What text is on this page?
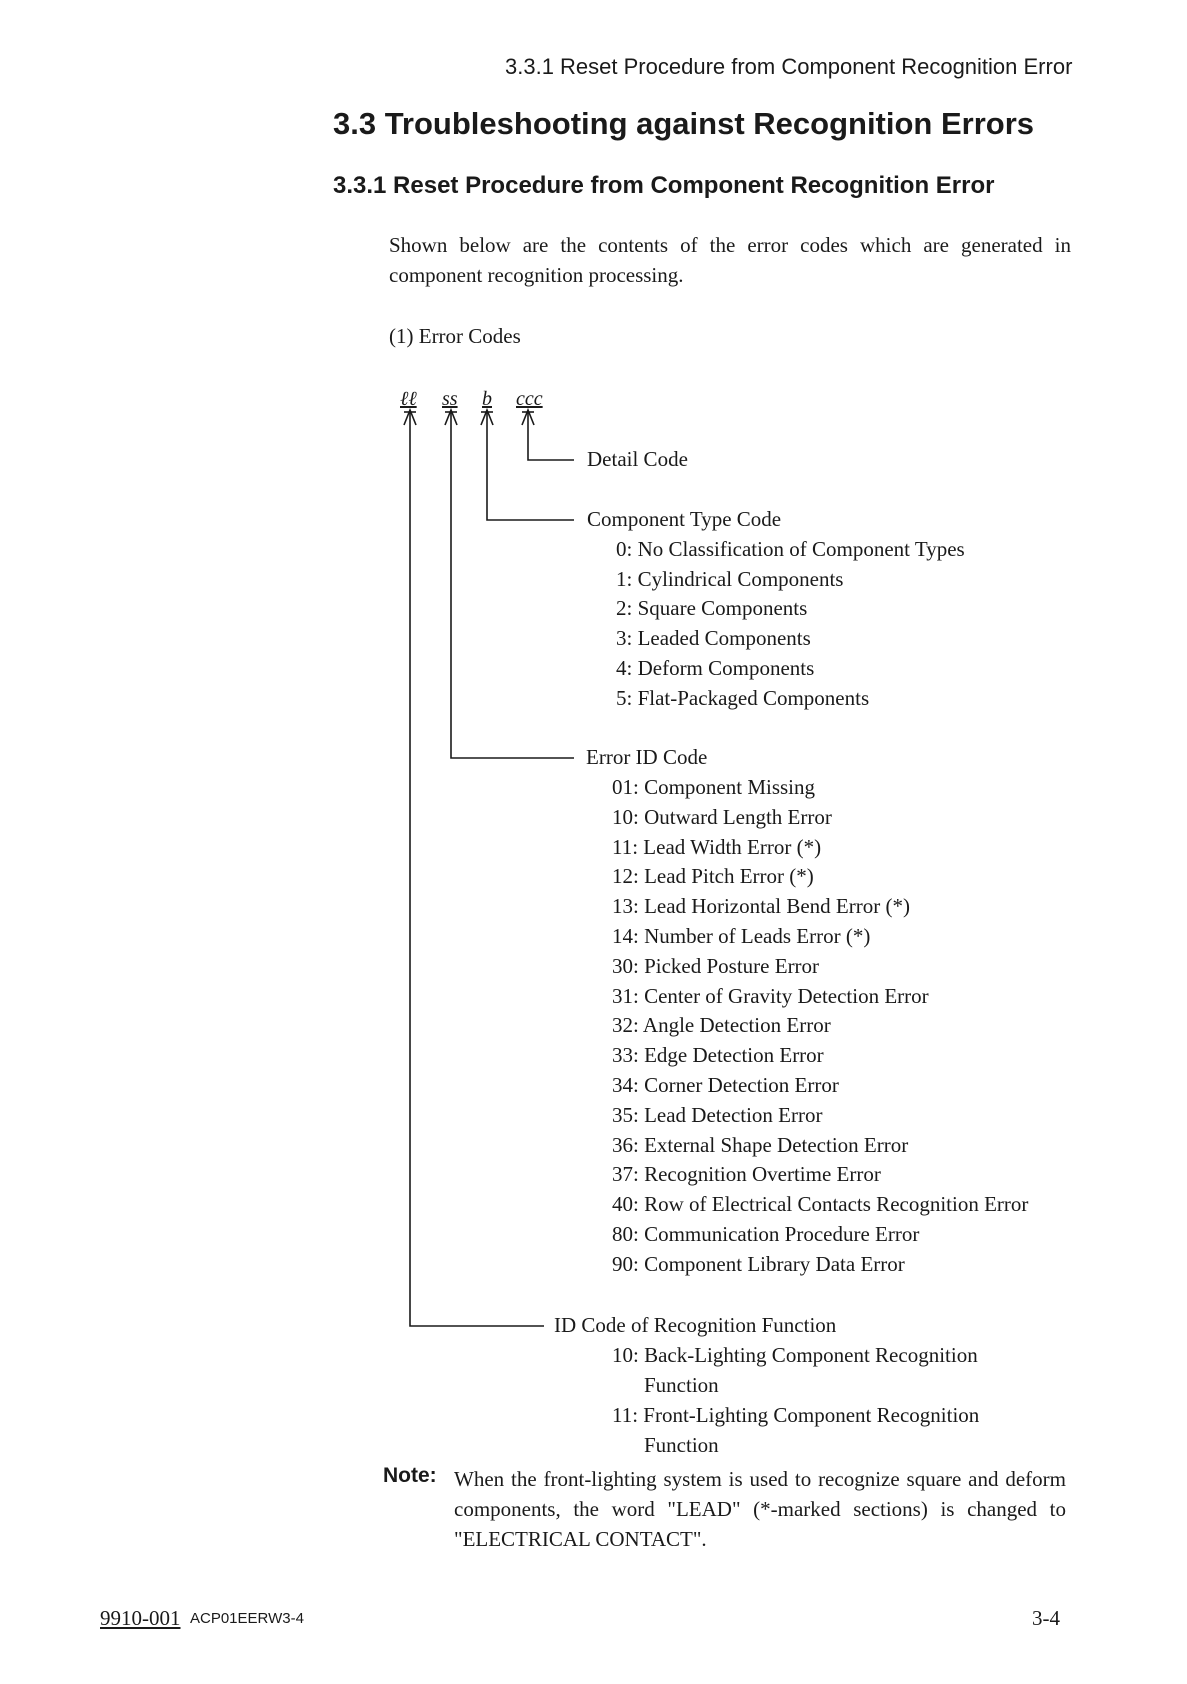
3.3.1 Reset Procedure from Component Recognition Error
3.3 Troubleshooting against Recognition Errors
3.3.1 Reset Procedure from Component Recognition Error
Shown below are the contents of the error codes which are generated in component recognition processing.
(1) Error Codes
ℓℓ ss b ccc
Detail Code
Component Type Code
0: No Classification of Component Types
1: Cylindrical Components
2: Square Components
3: Leaded Components
4: Deform Components
5: Flat-Packaged Components
Error ID Code
01: Component Missing
10: Outward Length Error
11: Lead Width Error (*)
12: Lead Pitch Error (*)
13: Lead Horizontal Bend Error (*)
14: Number of Leads Error (*)
30: Picked Posture Error
31: Center of Gravity Detection Error
32: Angle Detection Error
33: Edge Detection Error
34: Corner Detection Error
35: Lead Detection Error
36: External Shape Detection Error
37: Recognition Overtime Error
40: Row of Electrical Contacts Recognition Error
80: Communication Procedure Error
90: Component Library Data Error
ID Code of Recognition Function
10: Back-Lighting Component Recognition
Function
11: Front-Lighting Component Recognition
Function
Note: When the front-lighting system is used to recognize square and deform components, the word "LEAD" (*-marked sections) is changed to "ELECTRICAL CONTACT".
9910-001 ACP01EERW3-4	3-4
